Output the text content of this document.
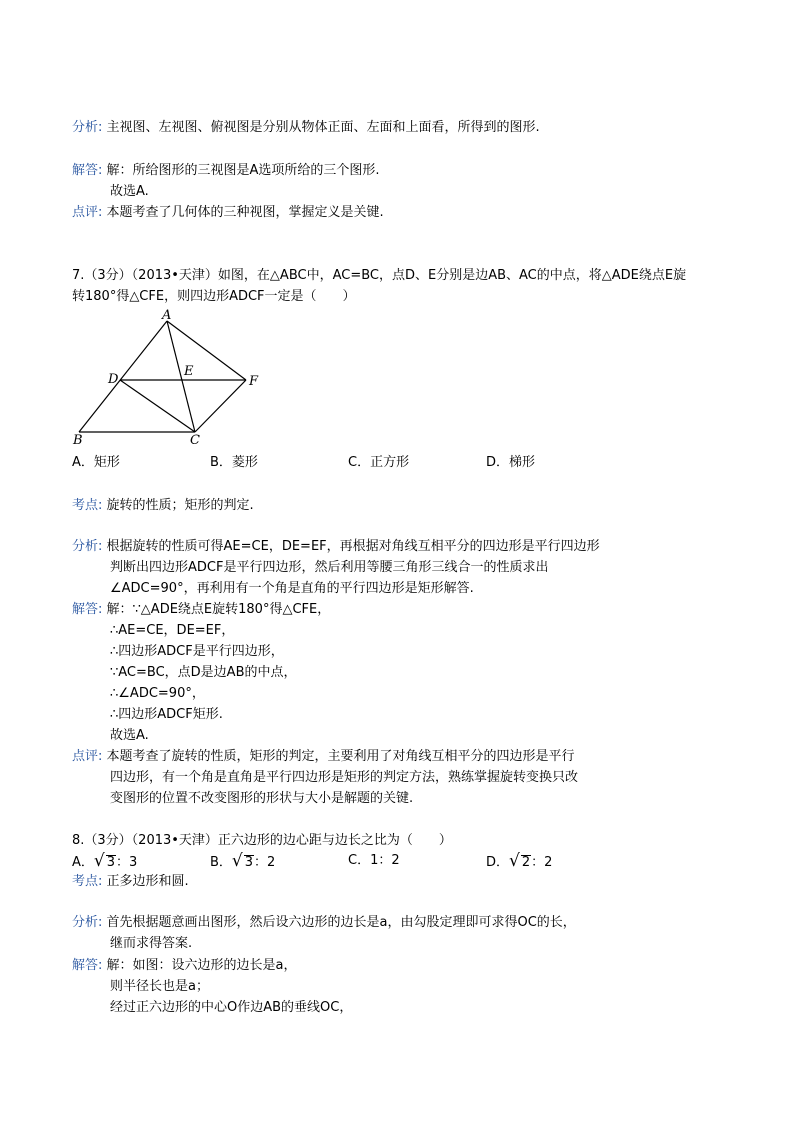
分析: 主视图、左视图、俯视图是分别从物体正面、左面和上面看，所得到的图形.
解答: 解：所给图形的三视图是A选项所给的三个图形.
故选A.
点评: 本题考查了几何体的三种视图，掌握定义是关键.
7.（3分）（2013•天津）如图，在△ABC中，AC=BC，点D、E分别是边AB、AC的中点，将△ADE绕点E旋
转180°得△CFE，则四边形ADCF一定是（　　）
A
D
E
F
B	C
A．矩形	B．菱形	C．正方形	D．梯形
考点: 旋转的性质；矩形的判定.
分析: 根据旋转的性质可得AE=CE，DE=EF，再根据对角线互相平分的四边形是平行四边形
判断出四边形ADCF是平行四边形，然后利用等腰三角形三线合一的性质求出
∠ADC=90°，再利用有一个角是直角的平行四边形是矩形解答.
解答: 解：∵△ADE绕点E旋转180°得△CFE，
∴AE=CE，DE=EF，
∴四边形ADCF是平行四边形，
∵AC=BC，点D是边AB的中点，
∴∠ADC=90°，
∴四边形ADCF矩形.
故选A.
点评: 本题考查了旋转的性质，矩形的判定，主要利用了对角线互相平分的四边形是平行
四边形，有一个角是直角是平行四边形是矩形的判定方法，熟练掌握旋转变换只改
变图形的位置不改变图形的形状与大小是解题的关键.
8.（3分）（2013•天津）正六边形的边心距与边长之比为（　　）
A．√ 3：3	B．√ 3：2	C．1：2	D．√ 2：2
考点: 正多边形和圆.
分析: 首先根据题意画出图形，然后设六边形的边长是a，由勾股定理即可求得OC的长，
继而求得答案.
解答: 解：如图：设六边形的边长是a，
则半径长也是a；
经过正六边形的中心O作边AB的垂线OC，
